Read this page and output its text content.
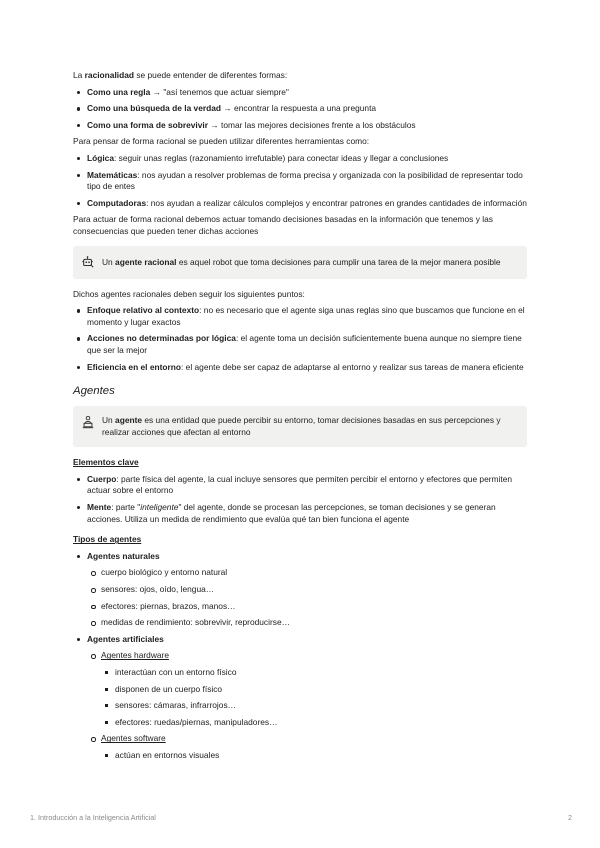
La racionalidad se puede entender de diferentes formas:

Como una regla → "así tenemos que actuar siempre"
Como una búsqueda de la verdad → encontrar la respuesta a una pregunta
Como una forma de sobrevivir → tomar las mejores decisiones frente a los obstáculos

Para pensar de forma racional se pueden utilizar diferentes herramientas como:

Lógica: seguir unas reglas (razonamiento irrefutable) para conectar ideas y llegar a conclusiones
Matemáticas: nos ayudan a resolver problemas de forma precisa y organizada con la posibilidad de representar todo tipo de entes
Computadoras: nos ayudan a realizar cálculos complejos y encontrar patrones en grandes cantidades de información

Para actuar de forma racional debemos actuar tomando decisiones basadas en la información que tenemos y las consecuencias que pueden tener dichas acciones

Un agente racional es aquel robot que toma decisiones para cumplir una tarea de la mejor manera posible

Dichos agentes racionales deben seguir los siguientes puntos:

Enfoque relativo al contexto: no es necesario que el agente siga unas reglas sino que buscamos que funcione en el momento y lugar exactos
Acciones no determinadas por lógica: el agente toma un decisión suficientemente buena aunque no siempre tiene que ser la mejor
Eficiencia en el entorno: el agente debe ser capaz de adaptarse al entorno y realizar sus tareas de manera eficiente
Agentes
Un agente es una entidad que puede percibir su entorno, tomar decisiones basadas en sus percepciones y realizar acciones que afectan al entorno
Elementos clave
Cuerpo: parte física del agente, la cual incluye sensores que permiten percibir el entorno y efectores que permiten actuar sobre el entorno
Mente: parte "inteligente" del agente, donde se procesan las percepciones, se toman decisiones y se generan acciones. Utiliza un medida de rendimiento que evalúa qué tan bien funciona el agente
Tipos de agentes
Agentes naturales
cuerpo biológico y entorno natural
sensores: ojos, oído, lengua…
efectores: piernas, brazos, manos…
medidas de rendimiento: sobrevivir, reproducirse…
Agentes artificiales
Agentes hardware
interactúan con un entorno físico
disponen de un cuerpo físico
sensores: cámaras, infrarrojos…
efectores: ruedas/piernas, manipuladores…
Agentes software
actúan en entornos visuales
1. Introducción a la Inteligencia Artificial	2
